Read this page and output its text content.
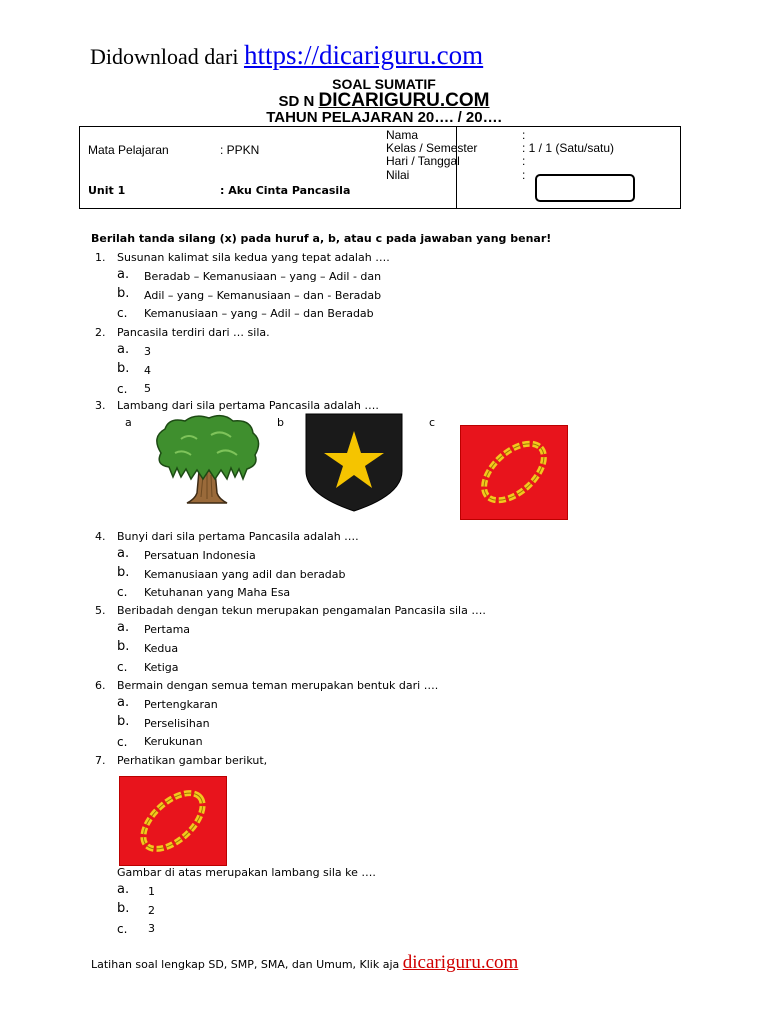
Didownload dari https://dicariguru.com
SOAL SUMATIF
SD N DICARIGURU.COM
TAHUN PELAJARAN 20…. / 20….
Mata Pelajaran	: PPKN
Unit 1	: Aku Cinta Pancasila
Nama	:
Kelas / Semester	: 1 / 1 (Satu/satu)
Hari / Tanggal	:
Nilai	:
Berilah tanda silang (x) pada huruf a, b, atau c pada jawaban yang benar!
1. Susunan kalimat sila kedua yang tepat adalah ….
a. Beradab – Kemanusiaan – yang – Adil - dan
b. Adil – yang – Kemanusiaan – dan - Beradab
c. Kemanusiaan – yang – Adil – dan Beradab
2. Pancasila terdiri dari … sila.
a. 3
b. 4
c. 5
3. Lambang dari sila pertama Pancasila adalah ….
a	b	c
4. Bunyi dari sila pertama Pancasila adalah ….
a. Persatuan Indonesia
b. Kemanusiaan yang adil dan beradab
c. Ketuhanan yang Maha Esa
5. Beribadah dengan tekun merupakan pengamalan Pancasila sila ….
a. Pertama
b. Kedua
c. Ketiga
6. Bermain dengan semua teman merupakan bentuk dari ….
a. Pertengkaran
b. Perselisihan
c. Kerukunan
7. Perhatikan gambar berikut,
Gambar di atas merupakan lambang sila ke ….
a. 1
b. 2
c. 3
Latihan soal lengkap SD, SMP, SMA, dan Umum, Klik aja dicariguru.com
